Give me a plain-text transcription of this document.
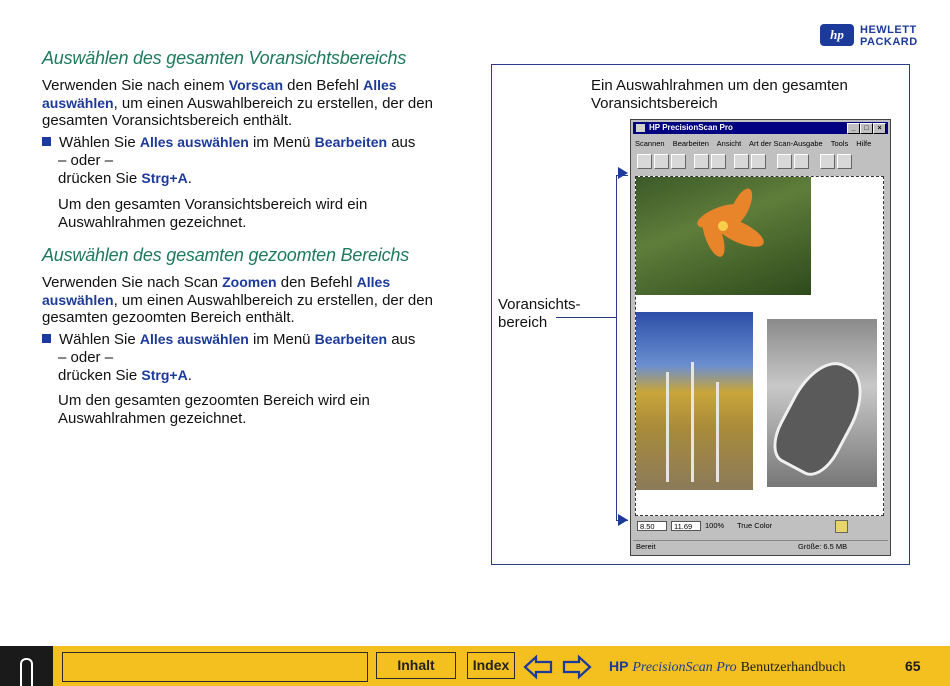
hp	HEWLETT
PACKARD
Auswählen des gesamten Voransichtsbereichs
Verwenden Sie nach einem Vorscan den Befehl Alles auswählen, um einen Auswahlbereich zu erstellen, der den gesamten Voransichtsbereich enthält.
Wählen Sie Alles auswählen im Menü Bearbeiten aus
– oder –
drücken Sie Strg+A.
Um den gesamten Voransichtsbereich wird ein Auswahlrahmen gezeichnet.
Auswählen des gesamten gezoomten Bereichs
Verwenden Sie nach Scan Zoomen den Befehl Alles auswählen, um einen Auswahlbereich zu erstellen, der den gesamten gezoomten Bereich enthält.
Wählen Sie Alles auswählen im Menü Bearbeiten aus
– oder –
drücken Sie Strg+A.
Um den gesamten gezoomten Bereich wird ein Auswahlrahmen gezeichnet.
Ein Auswahlrahmen um den gesamten Voransichtsbereich
Voransichts-
bereich
HP PrecisionScan Pro	_	□	×
Scannen Bearbeiten Ansicht Art der Scan-Ausgabe Tools Hilfe
8.50	11.69	100% True Color
Bereit	Größe: 6.5 MB
Inhalt	Index	HP PrecisionScan Pro Benutzerhandbuch	65
